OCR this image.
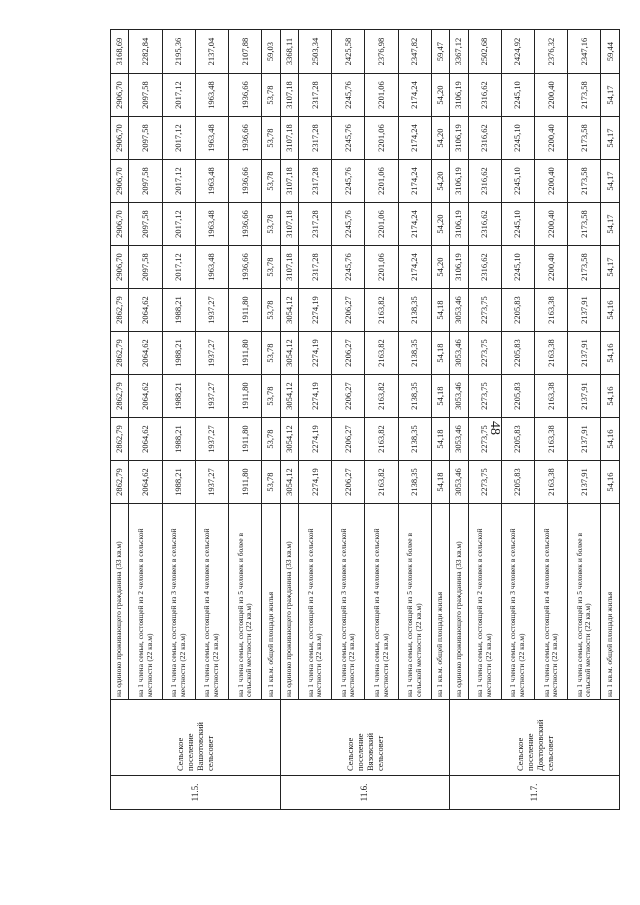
11.5.	Сельское поселение Вашотовский сельсовет	на одиноко проживающего гражданина (33 кв.м)	2862,79	2862,79	2862,79	2862,79	2862,79	2906,70	2906,70	2906,70	2906,70	2906,70	3168,69
		на 1 члена семьи, состоящей из 2 человек в сельской местности (22 кв.м)	2064,62	2064,62	2064,62	2064,62	2064,62	2097,58	2097,58	2097,58	2097,58	2097,58	2282,84
		на 1 члена семьи, состоящей из 3 человек в сельской местности (22 кв.м)	1988,21	1988,21	1988,21	1988,21	1988,21	2017,12	2017,12	2017,12	2017,12	2017,12	2195,36
		на 1 члена семьи, состоящей из 4 человек в сельской местности (22 кв.м)	1937,27	1937,27	1937,27	1937,27	1937,27	1963,48	1963,48	1963,48	1963,48	1963,48	2137,04
		на 1 члена семьи, состоящей из 5 человек и более в сельской местности (22 кв.м)	1911,80	1911,80	1911,80	1911,80	1911,80	1936,66	1936,66	1936,66	1936,66	1936,66	2107,88
		на 1 кв.м. общей площади жилья	53,78	53,78	53,78	53,78	53,78	53,78	53,78	53,78	53,78	53,78	59,03
11.6.	Сельское поселение Вязовский сельсовет	на одиноко проживающего гражданина (33 кв.м)	3054,12	3054,12	3054,12	3054,12	3054,12	3107,18	3107,18	3107,18	3107,18	3107,18	3368,11
		на 1 члена семьи, состоящей из 2 человек в сельской местности (22 кв.м)	2274,19	2274,19	2274,19	2274,19	2274,19	2317,28	2317,28	2317,28	2317,28	2317,28	2503,34
		на 1 члена семьи, состоящей из 3 человек в сельской местности (22 кв.м)	2206,27	2206,27	2206,27	2206,27	2206,27	2245,76	2245,76	2245,76	2245,76	2245,76	2425,58
		на 1 члена семьи, состоящей из 4 человек в сельской местности (22 кв.м)	2163,82	2163,82	2163,82	2163,82	2163,82	2201,06	2201,06	2201,06	2201,06	2201,06	2376,98
		на 1 члена семьи, состоящей из 5 человек и более в сельской местности (22 кв.м)	2138,35	2138,35	2138,35	2138,35	2138,35	2174,24	2174,24	2174,24	2174,24	2174,24	2347,82
		на 1 кв.м. общей площади жилья	54,18	54,18	54,18	54,18	54,18	54,20	54,20	54,20	54,20	54,20	59,47
11.7.	Сельское поселение Докторовский сельсовет	на одиноко проживающего гражданина (33 кв.м)	3053,46	3053,46	3053,46	3053,46	3053,46	3106,19	3106,19	3106,19	3106,19	3106,19	3367,12
		на 1 члена семьи, состоящей из 2 человек в сельской местности (22 кв.м)	2273,75	2273,75	2273,75	2273,75	2273,75	2316,62	2316,62	2316,62	2316,62	2316,62	2502,68
		на 1 члена семьи, состоящей из 3 человек в сельской местности (22 кв.м)	2205,83	2205,83	2205,83	2205,83	2205,83	2245,10	2245,10	2245,10	2245,10	2245,10	2424,92
		на 1 члена семьи, состоящей из 4 человек в сельской местности (22 кв.м)	2163,38	2163,38	2163,38	2163,38	2163,38	2200,40	2200,40	2200,40	2200,40	2200,40	2376,32
		на 1 члена семьи, состоящей из 5 человек и более в сельской местности (22 кв.м)	2137,91	2137,91	2137,91	2137,91	2137,91	2173,58	2173,58	2173,58	2173,58	2173,58	2347,16
		на 1 кв.м. общей площади жилья	54,16	54,16	54,16	54,16	54,16	54,17	54,17	54,17	54,17	54,17	59,44
48
